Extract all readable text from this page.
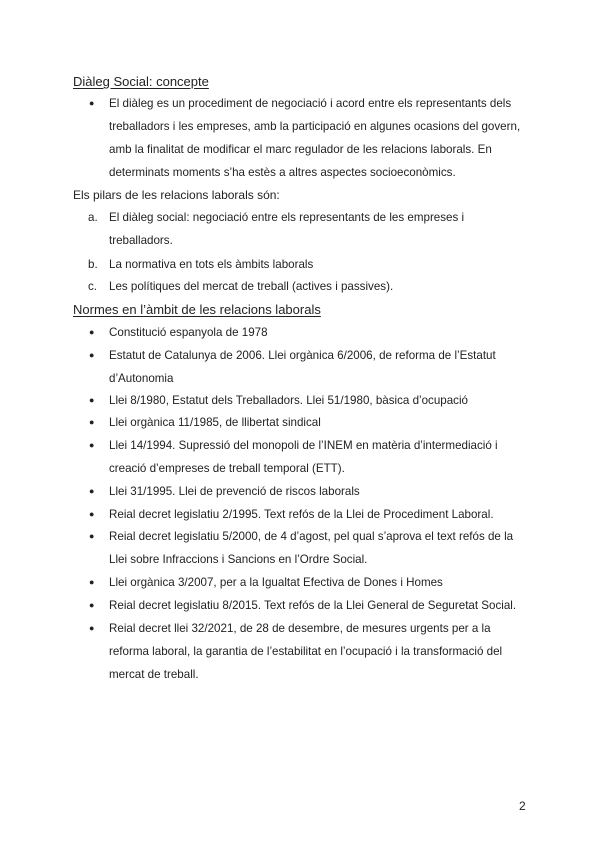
Diàleg Social: concepte
● El diàleg es un procediment de negociació i acord entre els representants dels treballadors i les empreses, amb la participació en algunes ocasions del govern, amb la finalitat de modificar el marc regulador de les relacions laborals. En determinats moments s’ha estès a altres aspectes socioeconòmics.
Els pilars de les relacions laborals són:
a. El diàleg social: negociació entre els representants de les empreses i treballadors.
b. La normativa en tots els àmbits laborals
c. Les polítiques del mercat de treball (actives i passives).
Normes en l’àmbit de les relacions laborals
● Constitució espanyola de 1978
● Estatut de Catalunya de 2006. Llei orgànica 6/2006, de reforma de l’Estatut d’Autonomia
● Llei 8/1980, Estatut dels Treballadors. Llei 51/1980, bàsica d’ocupació
● Llei orgànica 11/1985, de llibertat sindical
● Llei 14/1994. Supressió del monopoli de l’INEM en matèria d’intermediació i creació d’empreses de treball temporal (ETT).
● Llei 31/1995. Llei de prevenció de riscos laborals
● Reial decret legislatiu 2/1995. Text refós de la Llei de Procediment Laboral.
● Reial decret legislatiu 5/2000, de 4 d’agost, pel qual s’aprova el text refós de la Llei sobre Infraccions i Sancions en l’Ordre Social.
● Llei orgànica 3/2007, per a la Igualtat Efectiva de Dones i Homes
● Reial decret legislatiu 8/2015. Text refós de la Llei General de Seguretat Social.
● Reial decret llei 32/2021, de 28 de desembre, de mesures urgents per a la reforma laboral, la garantia de l’estabilitat en l’ocupació i la transformació del mercat de treball.
2
